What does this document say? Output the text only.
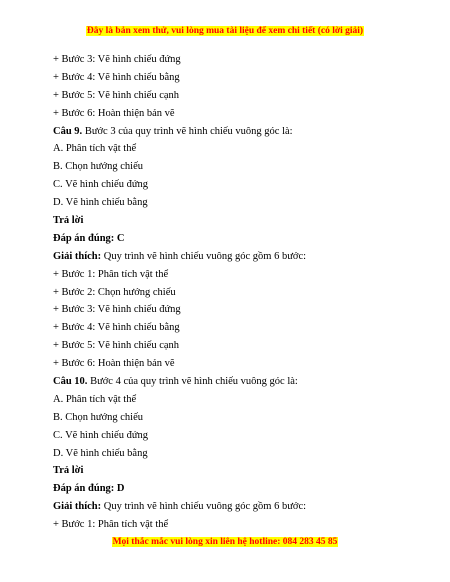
Đây là bản xem thử, vui lòng mua tài liệu để xem chi tiết (có lời giải)
+ Bước 3: Vẽ hình chiếu đứng
+ Bước 4: Vẽ hình chiếu bằng
+ Bước 5: Vẽ hình chiếu cạnh
+ Bước 6: Hoàn thiện bản vẽ
Câu 9. Bước 3 của quy trình vẽ hình chiếu vuông góc là:
A. Phân tích vật thể
B. Chọn hướng chiếu
C. Vẽ hình chiếu đứng
D. Vẽ hình chiếu bằng
Trả lời
Đáp án đúng: C
Giải thích: Quy trình vẽ hình chiếu vuông góc gồm 6 bước:
+ Bước 1: Phân tích vật thể
+ Bước 2: Chọn hướng chiếu
+ Bước 3: Vẽ hình chiếu đứng
+ Bước 4: Vẽ hình chiếu bằng
+ Bước 5: Vẽ hình chiếu cạnh
+ Bước 6: Hoàn thiện bản vẽ
Câu 10. Bước 4 của quy trình vẽ hình chiếu vuông góc là:
A. Phân tích vật thể
B. Chọn hướng chiếu
C. Vẽ hình chiếu đứng
D. Vẽ hình chiếu bằng
Trả lời
Đáp án đúng: D
Giải thích: Quy trình vẽ hình chiếu vuông góc gồm 6 bước:
+ Bước 1: Phân tích vật thể
Mọi thắc mắc vui lòng xin liên hệ hotline: 084 283 45 85
